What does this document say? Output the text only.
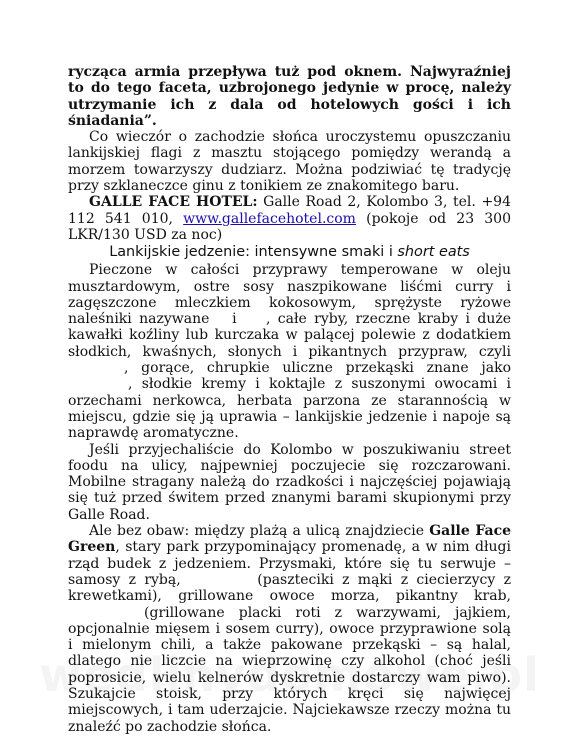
rycząca armia przepływa tuż pod oknem. Najwyraźniej to do tego faceta, uzbrojonego jedynie w procę, należy utrzymanie ich z dala od hotelowych gości i ich śniadania”.

Co wieczór o zachodzie słońca uroczystemu opuszczaniu lankijskiej flagi z masztu stojącego pomiędzy werandą a morzem towarzyszy dudziarz. Można podziwiać tę tradycję przy szklaneczce ginu z tonikiem ze znakomitego baru.

GALLE FACE HOTEL: Galle Road 2, Kolombo 3, tel. +94 112 541 010, www.gallefacehotel.com (pokoje od 23 300 LKR/130 USD za noc)

Lankijskie jedzenie: intensywne smaki i short eats

Pieczone w całości przyprawy temperowane w oleju musztardowym, ostre sosy naszpikowane liśćmi curry i zagęszczone mleczkiem kokosowym, sprężyste ryżowe naleśniki nazywane  i , całe ryby, rzeczne kraby i duże kawałki koźliny lub kurczaka w palącej polewie z dodatkiem słodkich, kwaśnych, słonych i pikantnych przypraw, czyli , gorące, chrupkie uliczne przekąski znane jako , słodkie kremy i koktajle z suszonymi owocami i orzechami nerkowca, herbata parzona ze starannością w miejscu, gdzie się ją uprawia – lankijskie jedzenie i napoje są naprawdę aromatyczne.

Jeśli przyjechaliście do Kolombo w poszukiwaniu street foodu na ulicy, najpewniej poczujecie się rozczarowani. Mobilne stragany należą do rzadkości i najczęściej pojawiają się tuż przed świtem przed znanymi barami skupionymi przy Galle Road.

Ale bez obaw: między plażą a ulicą znajdziecie Galle Face Green, stary park przypominający promenadę, a w nim długi rząd budek z jedzeniem. Przysmaki, które się tu serwuje – samosy z rybą,	(paszteciki z mąki z ciecierzycy z krewetkami), grillowane owoce morza, pikantny krab,  (grillowane placki roti z warzywami, jajkiem, opcjonalnie mięsem i sosem curry), owoce przyprawione solą i mielonym chili, a także pakowane przekąski – są halal, dlatego nie liczcie na wieprzowinę czy alkohol (choć jeśli poprosicie, wielu kelnerów dyskretnie dostarczy wam piwo). Szukajcie stoisk, przy których kręci się najwięcej miejscowych, i tam uderzajcie. Najciekawsze rzeczy można tu znaleźć po zachodzie słońca.
